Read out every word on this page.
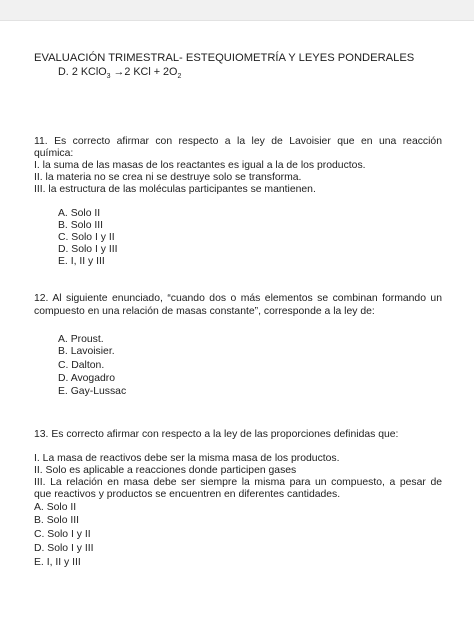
EVALUACIÓN TRIMESTRAL- ESTEQUIOMETRÍA Y LEYES PONDERALES
D. 2 KClO$_3$ →2 KCl + $2O_2$
11. Es correcto afirmar con respecto a la ley de Lavoisier que en una reacción
química:
I. la suma de las masas de los reactantes es igual a la de los productos.
II. la materia no se crea ni se destruye solo se transforma.
III. la estructura de las moléculas participantes se mantienen.
A. Solo II
B. Solo III
C. Solo I y II
D. Solo I y III
E. I, II y III
12. Al siguiente enunciado, “cuando dos o más elementos se combinan formando un
compuesto en una relación de masas constante”, corresponde a la ley de:
A. Proust.
B. Lavoisier.
C. Dalton.
D. Avogadro
E. Gay-Lussac
13. Es correcto afirmar con respecto a la ley de las proporciones definidas que:
I. La masa de reactivos debe ser la misma masa de los productos.
II. Solo es aplicable a reacciones donde participen gases
III. La relación en masa debe ser siempre la misma para un compuesto, a pesar de
que reactivos y productos se encuentren en diferentes cantidades.
A. Solo II
B. Solo III
C. Solo I y II
D. Solo I y III
E. I, II y III
